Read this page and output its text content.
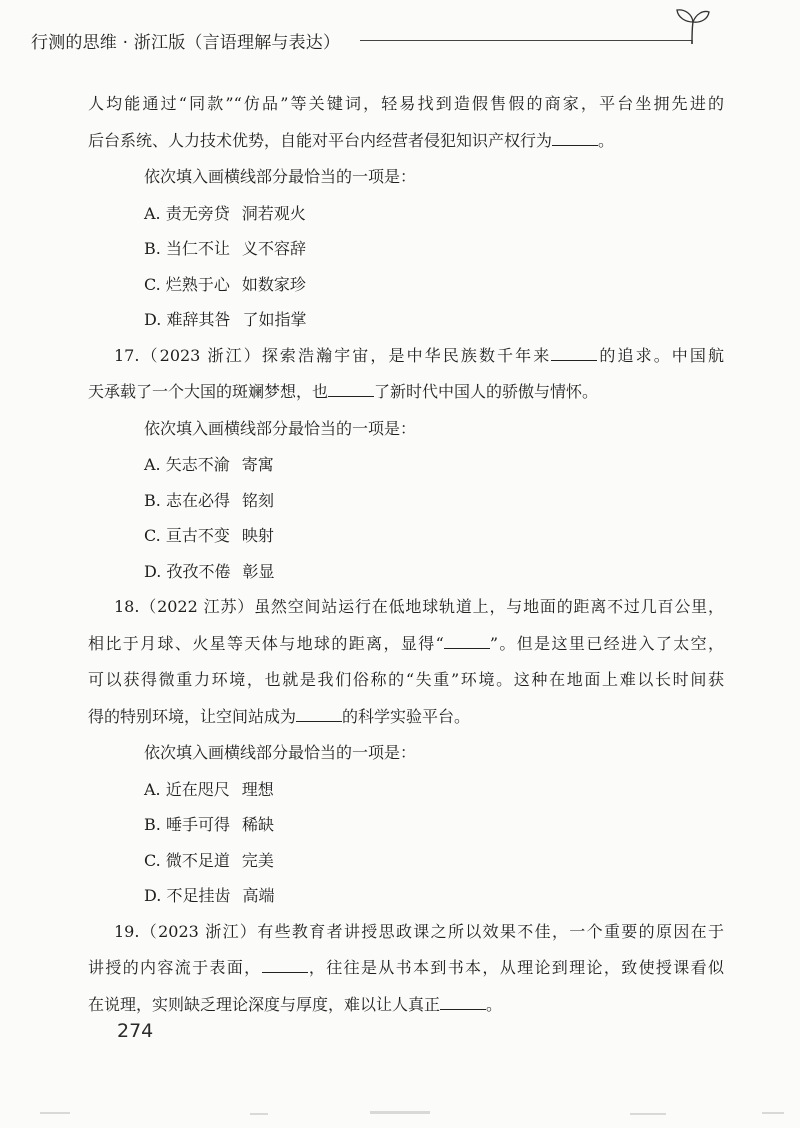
行测的思维 · 浙江版（言语理解与表达）
人均能通过“同款”“仿品”等关键词，轻易找到造假售假的商家，平台坐拥先进的
后台系统、人力技术优势，自能对平台内经营者侵犯知识产权行为	。
依次填入画横线部分最恰当的一项是：
A. 责无旁贷 洞若观火
B. 当仁不让 义不容辞
C. 烂熟于心 如数家珍
D. 难辞其咎 了如指掌
17.（2023 浙江）探索浩瀚宇宙，是中华民族数千年来	的追求。中国航
天承载了一个大国的斑斓梦想，也	了新时代中国人的骄傲与情怀。
依次填入画横线部分最恰当的一项是：
A. 矢志不渝 寄寓
B. 志在必得 铭刻
C. 亘古不变 映射
D. 孜孜不倦 彰显
18.（2022 江苏）虽然空间站运行在低地球轨道上，与地面的距离不过几百公里，
相比于月球、火星等天体与地球的距离，显得“	”。但是这里已经进入了太空，
可以获得微重力环境，也就是我们俗称的“失重”环境。这种在地面上难以长时间获
得的特别环境，让空间站成为	的科学实验平台。
依次填入画横线部分最恰当的一项是：
A. 近在咫尺 理想
B. 唾手可得 稀缺
C. 微不足道 完美
D. 不足挂齿 高端
19.（2023 浙江）有些教育者讲授思政课之所以效果不佳，一个重要的原因在于
讲授的内容流于表面，	，往往是从书本到书本，从理论到理论，致使授课看似
在说理，实则缺乏理论深度与厚度，难以让人真正	。
274
